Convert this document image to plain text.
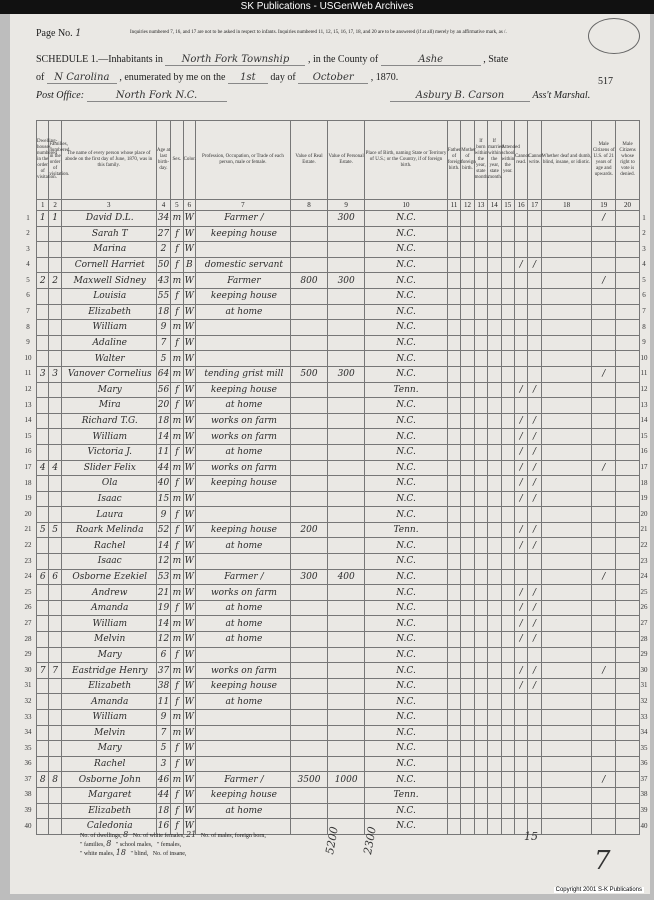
SK Publications - USGenWeb Archives
Page No. 1	Inquiries numbered 7, 16, and 17 are not to be asked in respect to infants. Inquiries numbered 11, 12, 15, 16, 17, 18, and 20 are to be answered (if at all) merely by an affirmative mark, as /.
SCHEDULE 1.—Inhabitants in North Fork Township , in the County of	Ashe	, State
of N Carolina , enumerated by me on the 1st day of October , 1870.	517
Post Office:	North Fork N.C.	Asbury B. Carson	Ass't Marshal.
Dwelling-houses, numbered in the order of visitation.	Families, numbered in the order of visitation.	The name of every person whose place of abode on the first day of June, 1870, was in this family.	Age at last birth-day.	Sex.	Color.	Profession, Occupation, or Trade of each person, male or female.	Value of Real Estate.	Value of Personal Estate.	Place of Birth, naming State or Territory of U.S.; or the Country, if of foreign birth.	Father of foreign birth.	Mother of foreign birth.	If born within the year, state month.	If married within the year, state month.	Attended school within the year.	Cannot read.	Cannot write.	Whether deaf and dumb, blind, insane, or idiotic.	Male Citizens of U.S. of 21 years of age and upwards.	Male Citizens whose right to vote is denied.
1	2	3	4	5	6	7	8	9	10	11	12	13	14	15	16	17	18	19	20
1	1	David D.L.	34	m	W	Farmer /		300	N.C.									/	
		Sarah T	27	f	W	keeping house			N.C.										
		Marina	2	f	W				N.C.										
		Cornell Harriet	50	f	B	domestic servant			N.C.						/	/			
2	2	Maxwell Sidney	43	m	W	Farmer	800	300	N.C.									/	
		Louisia	55	f	W	keeping house			N.C.										
		Elizabeth	18	f	W	at home			N.C.										
		William	9	m	W				N.C.										
		Adaline	7	f	W				N.C.										
		Walter	5	m	W				N.C.										
3	3	Vanover Cornelius	64	m	W	tending grist mill	500	300	N.C.									/	
		Mary	56	f	W	keeping house			Tenn.						/	/			
		Mira	20	f	W	at home			N.C.										
		Richard T.G.	18	m	W	works on farm			N.C.						/	/			
		William	14	m	W	works on farm			N.C.						/	/			
		Victoria J.	11	f	W	at home			N.C.						/	/			
4	4	Slider Felix	44	m	W	works on farm			N.C.						/	/		/	
		Ola	40	f	W	keeping house			N.C.						/	/			
		Isaac	15	m	W				N.C.						/	/			
		Laura	9	f	W				N.C.										
5	5	Roark Melinda	52	f	W	keeping house	200		Tenn.						/	/			
		Rachel	14	f	W	at home			N.C.						/	/			
		Isaac	12	m	W				N.C.										
6	6	Osborne Ezekiel	53	m	W	Farmer /	300	400	N.C.									/	
		Andrew	21	m	W	works on farm			N.C.						/	/			
		Amanda	19	f	W	at home			N.C.						/	/			
		William	14	m	W	at home			N.C.						/	/			
		Melvin	12	m	W	at home			N.C.						/	/			
		Mary	6	f	W				N.C.										
7	7	Eastridge Henry	37	m	W	works on farm			N.C.						/	/		/	
		Elizabeth	38	f	W	keeping house			N.C.						/	/			
		Amanda	11	f	W	at home			N.C.										
		William	9	m	W				N.C.										
		Melvin	7	m	W				N.C.										
		Mary	5	f	W				N.C.										
		Rachel	3	f	W				N.C.										
8	8	Osborne John	46	m	W	Farmer /	3500	1000	N.C.									/	
		Margaret	44	f	W	keeping house			Tenn.										
		Elizabeth	18	f	W	at home			N.C.										
		Caledonia	16	f	W				N.C.										
No. of dwellings, 8 No. of white females, 21 No. of males, foreign born,
" families, 8 " school males, " females,
" white males, 18 " blind, No. of insane,	5200 2300	15
7
Copyright 2001 S-K Publications
1	1
2	2
3	3
4	4
5	5
6	6
7	7
8	8
9	9
10	10
11	11
12	12
13	13
14	14
15	15
16	16
17	17
18	18
19	19
20	20
21	21
22	22
23	23
24	24
25	25
26	26
27	27
28	28
29	29
30	30
31	31
32	32
33	33
34	34
35	35
36	36
37	37
38	38
39	39
40	40
